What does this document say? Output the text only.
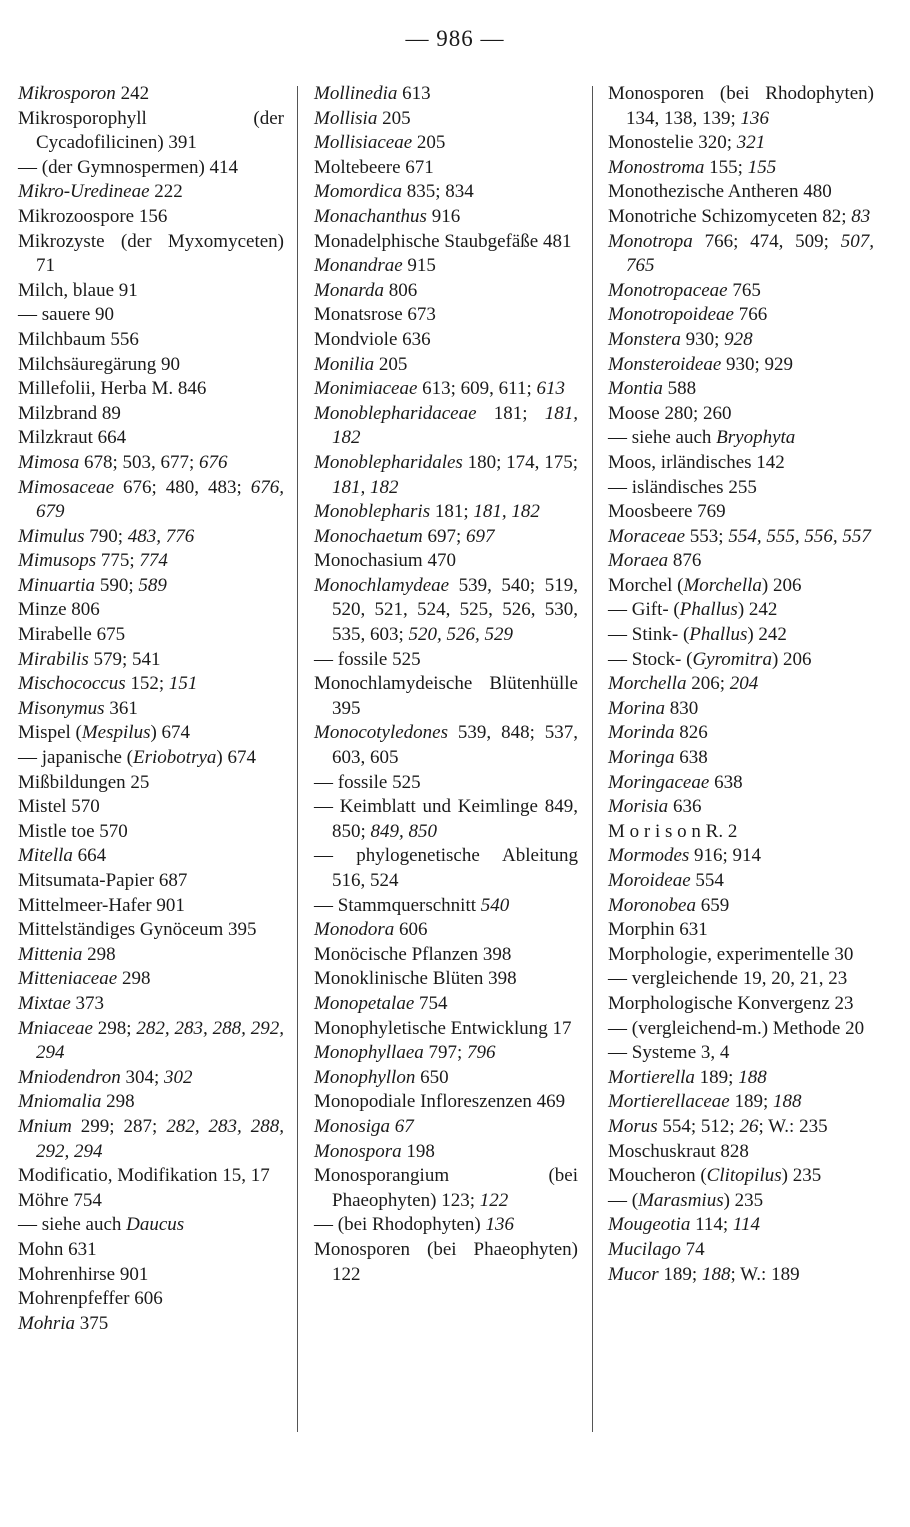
— 986 —
Mikrosporon 242
Mikrosporophyll (der Cycadofilicinen) 391
— (der Gymnospermen) 414
Mikro-Uredineae 222
Mikrozoospore 156
Mikrozyste (der Myxomyceten) 71
Milch, blaue 91
— sauere 90
Milchbaum 556
Milchsäuregärung 90
Millefolii, Herba M. 846
Milzbrand 89
Milzkraut 664
Mimosa 678; 503, 677; 676
Mimosaceae 676; 480, 483; 676, 679
Mimulus 790; 483, 776
Mimusops 775; 774
Minuartia 590; 589
Minze 806
Mirabelle 675
Mirabilis 579; 541
Mischococcus 152; 151
Misonymus 361
Mispel (Mespilus) 674
— japanische (Eriobotrya) 674
Mißbildungen 25
Mistel 570
Mistle toe 570
Mitella 664
Mitsumata-Papier 687
Mittelmeer-Hafer 901
Mittelständiges Gynöceum 395
Mittenia 298
Mitteniaceae 298
Mixtae 373
Mniaceae 298; 282, 283, 288, 292, 294
Mniodendron 304; 302
Mniomalia 298
Mnium 299; 287; 282, 283, 288, 292, 294
Modificatio, Modifikation 15, 17
Möhre 754
— siehe auch Daucus
Mohn 631
Mohrenhirse 901
Mohrenpfeffer 606
Mohria 375
Mollinedia 613
Mollisia 205
Mollisiaceae 205
Moltebeere 671
Momordica 835; 834
Monachanthus 916
Monadelphische Staubgefäße 481
Monandrae 915
Monarda 806
Monatsrose 673
Mondviole 636
Monilia 205
Monimiaceae 613; 609, 611; 613
Monoblepharidaceae 181; 181, 182
Monoblepharidales 180; 174, 175; 181, 182
Monoblepharis 181; 181, 182
Monochaetum 697; 697
Monochasium 470
Monochlamydeae 539, 540; 519, 520, 521, 524, 525, 526, 530, 535, 603; 520, 526, 529
— fossile 525
Monochlamydeische Blütenhülle 395
Monocotyledones 539, 848; 537, 603, 605
— fossile 525
— Keimblatt und Keimlinge 849, 850; 849, 850
— phylogenetische Ableitung 516, 524
— Stammquerschnitt 540
Monodora 606
Monöcische Pflanzen 398
Monoklinische Blüten 398
Monopetalae 754
Monophyletische Entwicklung 17
Monophyllaea 797; 796
Monophyllon 650
Monopodiale Infloreszenzen 469
Monosiga 67
Monospora 198
Monosporangium (bei Phaeophyten) 123; 122
— (bei Rhodophyten) 136
Monosporen (bei Phaeophyten) 122
Monosporen (bei Rhodophyten) 134, 138, 139; 136
Monostelie 320; 321
Monostroma 155; 155
Monothezische Antheren 480
Monotriche Schizomyceten 82; 83
Monotropa 766; 474, 509; 507, 765
Monotropaceae 765
Monotropoideae 766
Monstera 930; 928
Monsteroideae 930; 929
Montia 588
Moose 280; 260
— siehe auch Bryophyta
Moos, irländisches 142
— isländisches 255
Moosbeere 769
Moraceae 553; 554, 555, 556, 557
Moraea 876
Morchel (Morchella) 206
— Gift- (Phallus) 242
— Stink- (Phallus) 242
— Stock- (Gyromitra) 206
Morchella 206; 204
Morina 830
Morinda 826
Moringa 638
Moringaceae 638
Morisia 636
M o r i s o n R. 2
Mormodes 916; 914
Moroideae 554
Moronobea 659
Morphin 631
Morphologie, experimentelle 30
— vergleichende 19, 20, 21, 23
Morphologische Konvergenz 23
— (vergleichend-m.) Methode 20
— Systeme 3, 4
Mortierella 189; 188
Mortierellaceae 189; 188
Morus 554; 512; 26; W.: 235
Moschuskraut 828
Moucheron (Clitopilus) 235
— (Marasmius) 235
Mougeotia 114; 114
Mucilago 74
Mucor 189; 188; W.: 189
